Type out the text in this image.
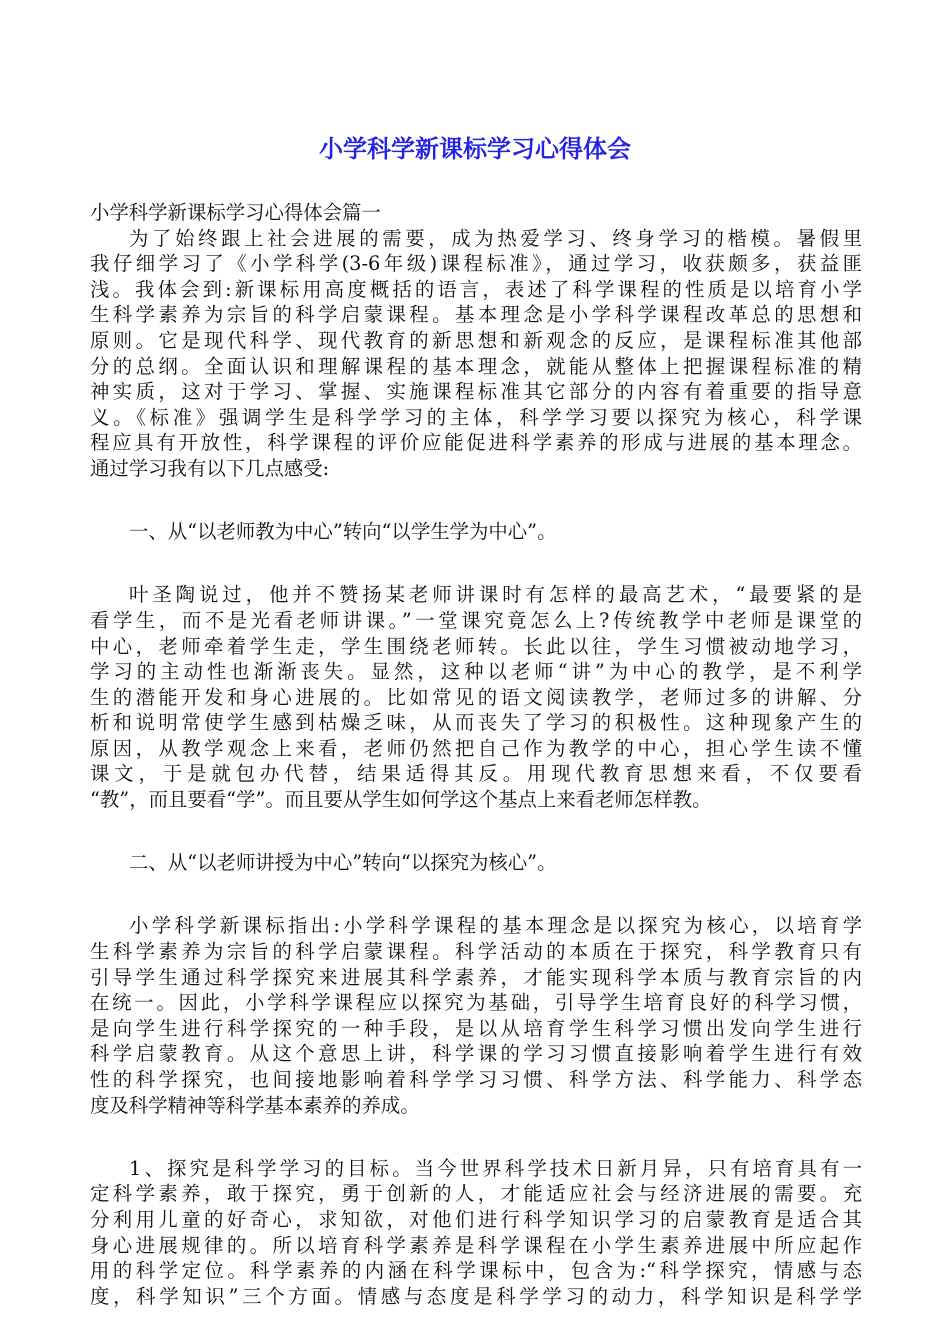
小学科学新课标学习心得体会
小学科学新课标学习心得体会篇一
为了始终跟上社会进展的需要，成为热爱学习、终身学习的楷模。暑假里
我仔细学习了《小学科学(3-6年级)课程标准》，通过学习，收获颇多，获益匪
浅。我体会到:新课标用高度概括的语言，表述了科学课程的性质是以培育小学
生科学素养为宗旨的科学启蒙课程。基本理念是小学科学课程改革总的思想和
原则。它是现代科学、现代教育的新思想和新观念的反应，是课程标准其他部
分的总纲。全面认识和理解课程的基本理念，就能从整体上把握课程标准的精
神实质，这对于学习、掌握、实施课程标准其它部分的内容有着重要的指导意
义。《标准》强调学生是科学学习的主体，科学学习要以探究为核心，科学课
程应具有开放性，科学课程的评价应能促进科学素养的形成与进展的基本理念。
通过学习我有以下几点感受:
一、从“以老师教为中心”转向“以学生学为中心”。
叶圣陶说过，他并不赞扬某老师讲课时有怎样的最高艺术，“最要紧的是
看学生，而不是光看老师讲课。”一堂课究竟怎么上?传统教学中老师是课堂的
中心，老师牵着学生走，学生围绕老师转。长此以往，学生习惯被动地学习，
学习的主动性也渐渐丧失。显然，这种以老师“讲”为中心的教学，是不利学
生的潜能开发和身心进展的。比如常见的语文阅读教学，老师过多的讲解、分
析和说明常使学生感到枯燥乏味，从而丧失了学习的积极性。这种现象产生的
原因，从教学观念上来看，老师仍然把自己作为教学的中心，担心学生读不懂
课文，于是就包办代替，结果适得其反。用现代教育思想来看，不仅要看
“教”，而且要看“学”。而且要从学生如何学这个基点上来看老师怎样教。
二、从“以老师讲授为中心”转向“以探究为核心”。
小学科学新课标指出:小学科学课程的基本理念是以探究为核心，以培育学
生科学素养为宗旨的科学启蒙课程。科学活动的本质在于探究，科学教育只有
引导学生通过科学探究来进展其科学素养，才能实现科学本质与教育宗旨的内
在统一。因此，小学科学课程应以探究为基础，引导学生培育良好的科学习惯，
是向学生进行科学探究的一种手段，是以从培育学生科学习惯出发向学生进行
科学启蒙教育。从这个意思上讲，科学课的学习习惯直接影响着学生进行有效
性的科学探究，也间接地影响着科学学习习惯、科学方法、科学能力、科学态
度及科学精神等科学基本素养的养成。
1、探究是科学学习的目标。当今世界科学技术日新月异，只有培育具有一
定科学素养，敢于探究，勇于创新的人，才能适应社会与经济进展的需要。充
分利用儿童的好奇心，求知欲，对他们进行科学知识学习的启蒙教育是适合其
身心进展规律的。所以培育科学素养是科学课程在小学生素养进展中所应起作
用的科学定位。科学素养的内涵在科学课标中，包含为:“科学探究，情感与态
度，科学知识”三个方面。情感与态度是科学学习的动力，科学知识是科学学
